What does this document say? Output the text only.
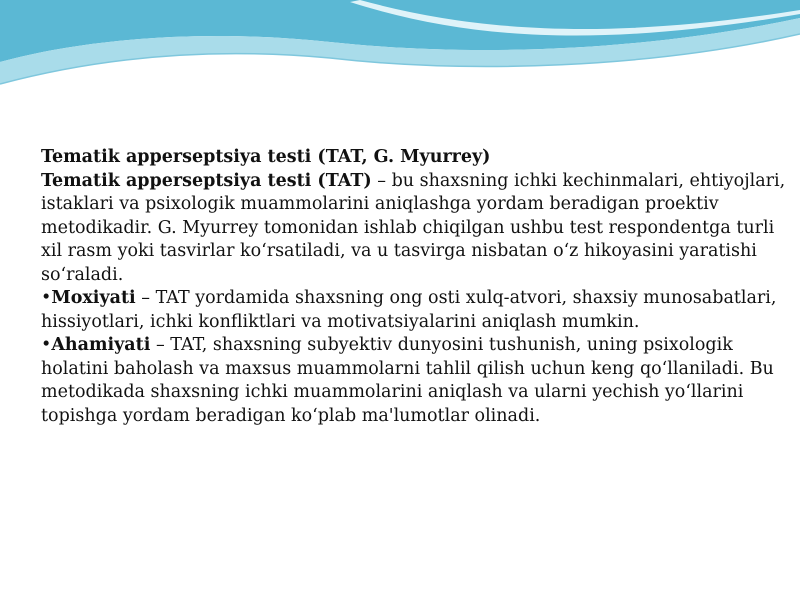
Tematik apperseptsiya testi (TAT, G. Myurrey)

Tematik apperseptsiya testi (TAT) – bu shaxsning ichki kechinmalari, ehtiyojlari, istaklari va psixologik muammolarini aniqlashga yordam beradigan proektiv metodikadir. G. Myurrey tomonidan ishlab chiqilgan ushbu test respondentga turli xil rasm yoki tasvirlar ko‘rsatiladi, va u tasvirga nisbatan o‘z hikoyasini yaratishi so‘raladi.

•Moxiyati – TAT yordamida shaxsning ong osti xulq-atvori, shaxsiy munosabatlari, hissiyotlari, ichki konfliktlari va motivatsiyalarini aniqlash mumkin.

•Ahamiyati – TAT, shaxsning subyektiv dunyosini tushunish, uning psixologik holatini baholash va maxsus muammolarni tahlil qilish uchun keng qo‘llaniladi. Bu metodikada shaxsning ichki muammolarini aniqlash va ularni yechish yo‘llarini topishga yordam beradigan ko‘plab ma'lumotlar olinadi.
